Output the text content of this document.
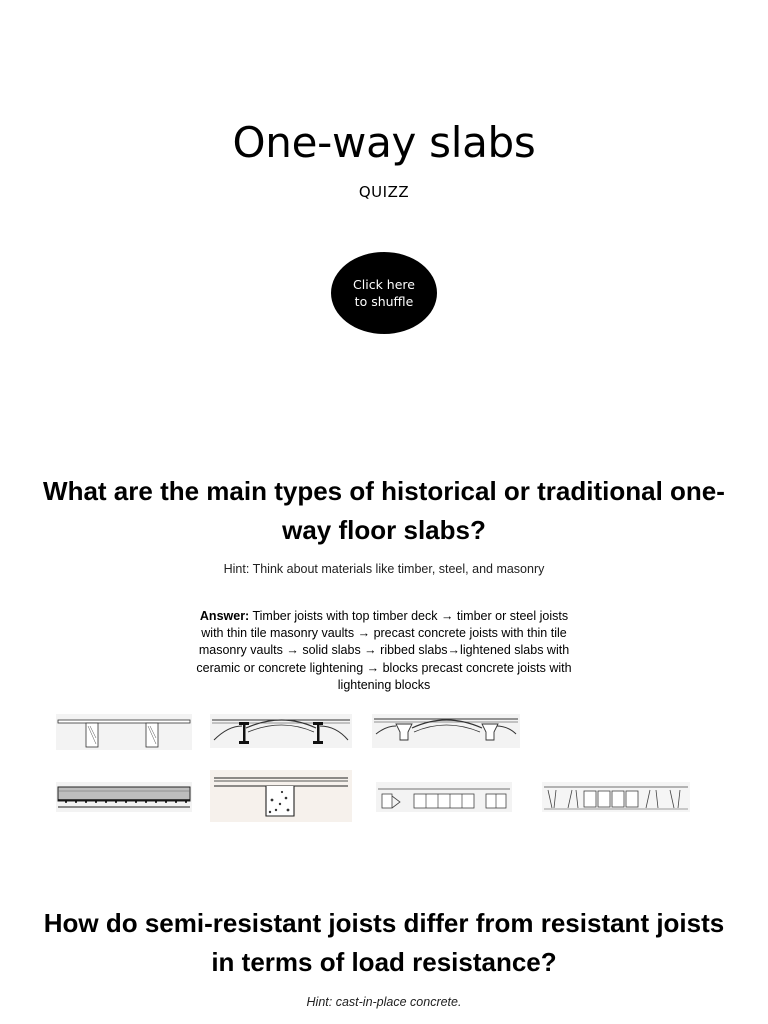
One-way slabs
QUIZZ
Click here
to shuffle
What are the main types of historical or traditional one-way floor slabs?
Hint: Think about materials like timber, steel, and masonry
Answer: Timber joists with top timber deck → timber or steel joists with thin tile masonry vaults → precast concrete joists with thin tile masonry vaults → solid slabs → ribbed slabs→lightened slabs with ceramic or concrete lightening → blocks precast concrete joists with lightening blocks
How do semi-resistant joists differ from resistant joists in terms of load resistance?
Hint: cast-in-place concrete.
